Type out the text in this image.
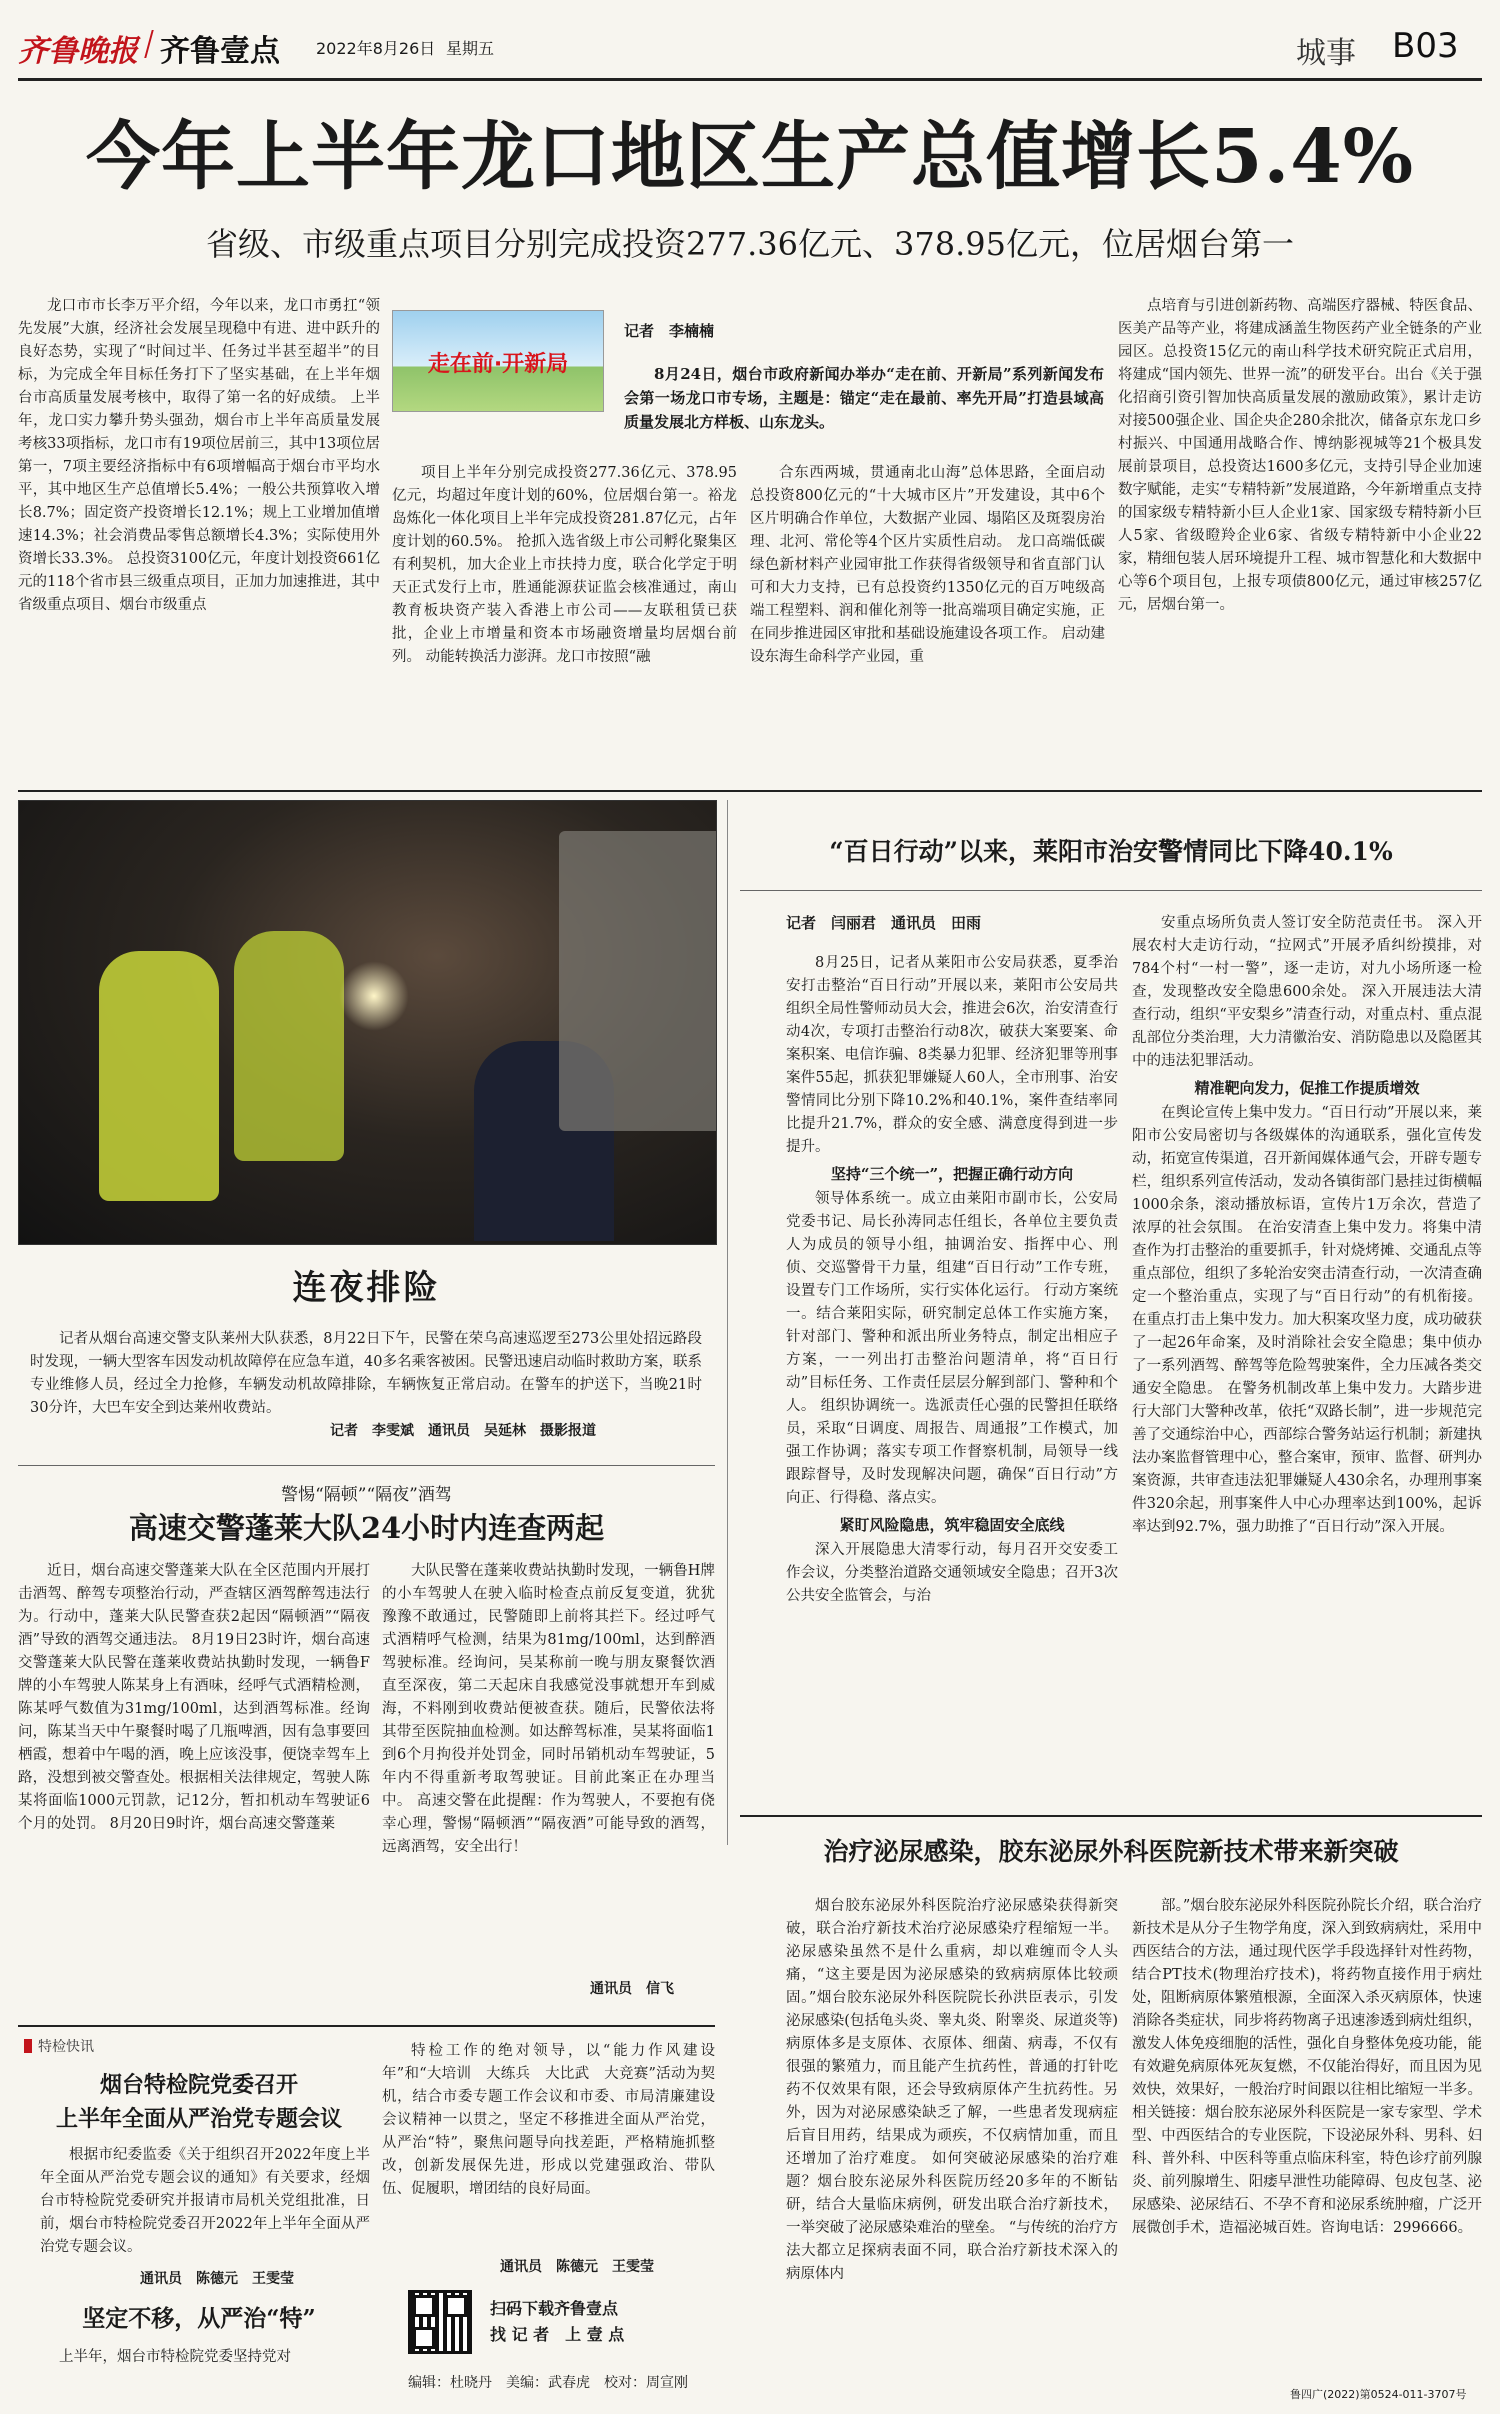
齐鲁晚报 齐鲁壹点 2022年8月26日 星期五	城事 B03
今年上半年龙口地区生产总值增长5.4%
省级、市级重点项目分别完成投资277.36亿元、378.95亿元，位居烟台第一
龙口市市长李万平介绍，今年以来，龙口市勇扛“领先发展”大旗，经济社会发展呈现稳中有进、进中跃升的良好态势，实现了“时间过半、任务过半甚至超半”的目标，为完成全年目标任务打下了坚实基础，在上半年烟台市高质量发展考核中，取得了第一名的好成绩。 上半年，龙口实力攀升势头强劲，烟台市上半年高质量发展考核33项指标，龙口市有19项位居前三，其中13项位居第一，7项主要经济指标中有6项增幅高于烟台市平均水平，其中地区生产总值增长5.4%；一般公共预算收入增长8.7%；固定资产投资增长12.1%；规上工业增加值增速14.3%；社会消费品零售总额增长4.3%；实际使用外资增长33.3%。 总投资3100亿元，年度计划投资661亿元的118个省市县三级重点项目，正加力加速推进，其中省级重点项目、烟台市级重点
走在前·开新局
记者　李楠楠
8月24日，烟台市政府新闻办举办“走在前、开新局”系列新闻发布会第一场龙口市专场，主题是：锚定“走在最前、率先开局”打造县域高质量发展北方样板、山东龙头。
项目上半年分别完成投资277.36亿元、378.95亿元，均超过年度计划的60%，位居烟台第一。裕龙岛炼化一体化项目上半年完成投资281.87亿元，占年度计划的60.5%。 抢抓入选省级上市公司孵化聚集区有利契机，加大企业上市扶持力度，联合化学定于明天正式发行上市，胜通能源获证监会核准通过，南山教育板块资产装入香港上市公司——友联租赁已获批，企业上市增量和资本市场融资增量均居烟台前列。 动能转换活力澎湃。龙口市按照“融
合东西两城，贯通南北山海”总体思路，全面启动总投资800亿元的“十大城市区片”开发建设，其中6个区片明确合作单位，大数据产业园、塌陷区及斑裂房治理、北河、常伦等4个区片实质性启动。 龙口高端低碳绿色新材料产业园审批工作获得省级领导和省直部门认可和大力支持，已有总投资约1350亿元的百万吨级高端工程塑料、润和催化剂等一批高端项目确定实施，正在同步推进园区审批和基础设施建设各项工作。 启动建设东海生命科学产业园，重
点培育与引进创新药物、高端医疗器械、特医食品、医美产品等产业，将建成涵盖生物医药产业全链条的产业园区。总投资15亿元的南山科学技术研究院正式启用，将建成“国内领先、世界一流”的研发平台。出台《关于强化招商引资引智加快高质量发展的激励政策》，累计走访对接500强企业、国企央企280余批次，储备京东龙口乡村振兴、中国通用战略合作、博纳影视城等21个极具发展前景项目，总投资达1600多亿元，支持引导企业加速数字赋能，走实“专精特新”发展道路，今年新增重点支持的国家级专精特新小巨人企业1家、国家级专精特新小巨人5家、省级瞪羚企业6家、省级专精特新中小企业22家，精细包装人居环境提升工程、城市智慧化和大数据中心等6个项目包，上报专项债800亿元，通过审核257亿元，居烟台第一。
连夜排险
记者从烟台高速交警支队莱州大队获悉，8月22日下午，民警在荣乌高速巡逻至273公里处招远路段时发现，一辆大型客车因发动机故障停在应急车道，40多名乘客被困。民警迅速启动临时救助方案，联系专业维修人员，经过全力抢修，车辆发动机故障排除，车辆恢复正常启动。在警车的护送下，当晚21时30分许，大巴车安全到达莱州收费站。
记者　李雯斌　通讯员　吴延林　摄影报道
警惕“隔顿”“隔夜”酒驾
高速交警蓬莱大队24小时内连查两起
近日，烟台高速交警蓬莱大队在全区范围内开展打击酒驾、醉驾专项整治行动，严查辖区酒驾醉驾违法行为。行动中，蓬莱大队民警查获2起因“隔顿酒”“隔夜酒”导致的酒驾交通违法。 8月19日23时许，烟台高速交警蓬莱大队民警在蓬莱收费站执勤时发现，一辆鲁F牌的小车驾驶人陈某身上有酒味，经呼气式酒精检测，陈某呼气数值为31mg/100ml，达到酒驾标准。经询问，陈某当天中午聚餐时喝了几瓶啤酒，因有急事要回栖霞，想着中午喝的酒，晚上应该没事，便饶幸驾车上路，没想到被交警查处。根据相关法律规定，驾驶人陈某将面临1000元罚款，记12分，暂扣机动车驾驶证6个月的处罚。 8月20日9时许，烟台高速交警蓬莱
大队民警在蓬莱收费站执勤时发现，一辆鲁H牌的小车驾驶人在驶入临时检查点前反复变道，犹犹豫豫不敢通过，民警随即上前将其拦下。经过呼气式酒精呼气检测，结果为81mg/100ml，达到醉酒驾驶标准。经询问，吴某称前一晚与朋友聚餐饮酒直至深夜，第二天起床自我感觉没事就想开车到威海，不料刚到收费站便被查获。随后，民警依法将其带至医院抽血检测。如达醉驾标准，吴某将面临1到6个月拘役并处罚金，同时吊销机动车驾驶证，5年内不得重新考取驾驶证。目前此案正在办理当中。 高速交警在此提醒：作为驾驶人，不要抱有侥幸心理，警惕“隔顿酒”“隔夜酒”可能导致的酒驾，远离酒驾，安全出行！
通讯员　信飞
特检快讯
烟台特检院党委召开
上半年全面从严治党专题会议
根据市纪委监委《关于组织召开2022年度上半年全面从严治党专题会议的通知》有关要求，经烟台市特检院党委研究并报请市局机关党组批准，日前，烟台市特检院党委召开2022年上半年全面从严治党专题会议。
通讯员　陈德元　王雯莹
坚定不移，从严治“特”
上半年，烟台市特检院党委坚持党对
特检工作的绝对领导，以“能力作风建设年”和“大培训　大练兵　大比武　大竞赛”活动为契机，结合市委专题工作会议和市委、市局清廉建设会议精神一以贯之，坚定不移推进全面从严治党，从严治“特”，聚焦问题导向找差距，严格精施抓整改，创新发展保先进，形成以党建强政治、带队伍、促履职，增团结的良好局面。
通讯员　陈德元　王雯莹
扫码下载齐鲁壹点
找 记 者　上 壹 点
编辑：杜晓丹　美编：武春虎　校对：周宣刚
鲁四广(2022)第0524-011-3707号
“百日行动”以来，莱阳市治安警情同比下降40.1%
记者　闫丽君　通讯员　田雨
8月25日，记者从莱阳市公安局获悉，夏季治安打击整治“百日行动”开展以来，莱阳市公安局共组织全局性警师动员大会，推进会6次，治安清查行动4次，专项打击整治行动8次，破获大案要案、命案积案、电信诈骗、8类暴力犯罪、经济犯罪等刑事案件55起，抓获犯罪嫌疑人60人，全市刑事、治安警情同比分别下降10.2%和40.1%，案件查结率同比提升21.7%，群众的安全感、满意度得到进一步提升。
坚持“三个统一”，把握正确行动方向
领导体系统一。成立由莱阳市副市长，公安局党委书记、局长孙涛同志任组长，各单位主要负责人为成员的领导小组，抽调治安、指挥中心、刑侦、交巡警骨干力量，组建“百日行动”工作专班，设置专门工作场所，实行实体化运行。 行动方案统一。结合莱阳实际，研究制定总体工作实施方案，针对部门、警种和派出所业务特点，制定出相应子方案，一一列出打击整治问题清单，将“百日行动”目标任务、工作责任层层分解到部门、警种和个人。 组织协调统一。选派责任心强的民警担任联络员，采取“日调度、周报告、周通报”工作模式，加强工作协调；落实专项工作督察机制，局领导一线跟踪督导，及时发现解决问题，确保“百日行动”方向正、行得稳、落点实。
紧盯风险隐患，筑牢稳固安全底线
深入开展隐患大清零行动，每月召开交安委工作会议，分类整治道路交通领域安全隐患；召开3次公共安全监管会，与治
安重点场所负责人签订安全防范责任书。 深入开展农村大走访行动，“拉网式”开展矛盾纠纷摸排，对784个村“一村一警”，逐一走访，对九小场所逐一检查，发现整改安全隐患600余处。 深入开展违法大清查行动，组织“平安梨乡”清查行动，对重点村、重点混乱部位分类治理，大力清徽治安、消防隐患以及隐匿其中的违法犯罪活动。
精准靶向发力，促推工作提质增效
在舆论宣传上集中发力。“百日行动”开展以来，莱阳市公安局密切与各级媒体的沟通联系，强化宣传发动，拓宽宣传渠道，召开新闻媒体通气会，开辟专题专栏，组织系列宣传活动，发动各镇街部门悬挂过街横幅1000余条，滚动播放标语，宣传片1万余次，营造了浓厚的社会氛围。 在治安清查上集中发力。将集中清查作为打击整治的重要抓手，针对烧烤摊、交通乱点等重点部位，组织了多轮治安突击清查行动，一次清查确定一个整治重点，实现了与“百日行动”的有机衔接。 在重点打击上集中发力。加大积案攻坚力度，成功破获了一起26年命案，及时消除社会安全隐患；集中侦办了一系列酒驾、醉驾等危险驾驶案件，全力压减各类交通安全隐患。 在警务机制改革上集中发力。大踏步进行大部门大警种改革，依托“双路长制”，进一步规范完善了交通综治中心，西部综合警务站运行机制；新建执法办案监督管理中心，整合案审，预审、监督、研判办案资源，共审查违法犯罪嫌疑人430余名，办理刑事案件320余起，刑事案件人中心办理率达到100%，起诉率达到92.7%，强力助推了“百日行动”深入开展。
治疗泌尿感染，胶东泌尿外科医院新技术带来新突破
烟台胶东泌尿外科医院治疗泌尿感染获得新突破，联合治疗新技术治疗泌尿感染疗程缩短一半。 泌尿感染虽然不是什么重病，却以难缠而令人头痛，“这主要是因为泌尿感染的致病病原体比较顽固。”烟台胶东泌尿外科医院院长孙洪臣表示，引发泌尿感染(包括龟头炎、睾丸炎、附睾炎、尿道炎等)病原体多是支原体、衣原体、细菌、病毒，不仅有很强的繁殖力，而且能产生抗药性，普通的打针吃药不仅效果有限，还会导致病原体产生抗药性。另外，因为对泌尿感染缺乏了解，一些患者发现病症后盲目用药，结果成为顽疾，不仅病情加重，而且还增加了治疗难度。 如何突破泌尿感染的治疗难题？烟台胶东泌尿外科医院历经20多年的不断钻研，结合大量临床病例，研发出联合治疗新技术，一举突破了泌尿感染难治的壁垒。 “与传统的治疗方法大都立足探病表面不同，联合治疗新技术深入的病原体内
部。”烟台胶东泌尿外科医院孙院长介绍，联合治疗新技术是从分子生物学角度，深入到致病病灶，采用中西医结合的方法，通过现代医学手段选择针对性药物，结合PT技术(物理治疗技术)，将药物直接作用于病灶处，阻断病原体繁殖根源，全面深入杀灭病原体，快速消除各类症状，同步将药物离子迅速渗透到病灶组织，激发人体免疫细胞的活性，强化自身整体免疫功能，能有效避免病原体死灰复燃，不仅能治得好，而且因为见效快，效果好，一般治疗时间跟以往相比缩短一半多。 相关链接：烟台胶东泌尿外科医院是一家专家型、学术型、中西医结合的专业医院，下设泌尿外科、男科、妇科、普外科、中医科等重点临床科室，特色诊疗前列腺炎、前列腺增生、阳痿早泄性功能障碍、包皮包茎、泌尿感染、泌尿结石、不孕不育和泌尿系统肿瘤，广泛开展微创手术，造福泌城百姓。咨询电话：2996666。
